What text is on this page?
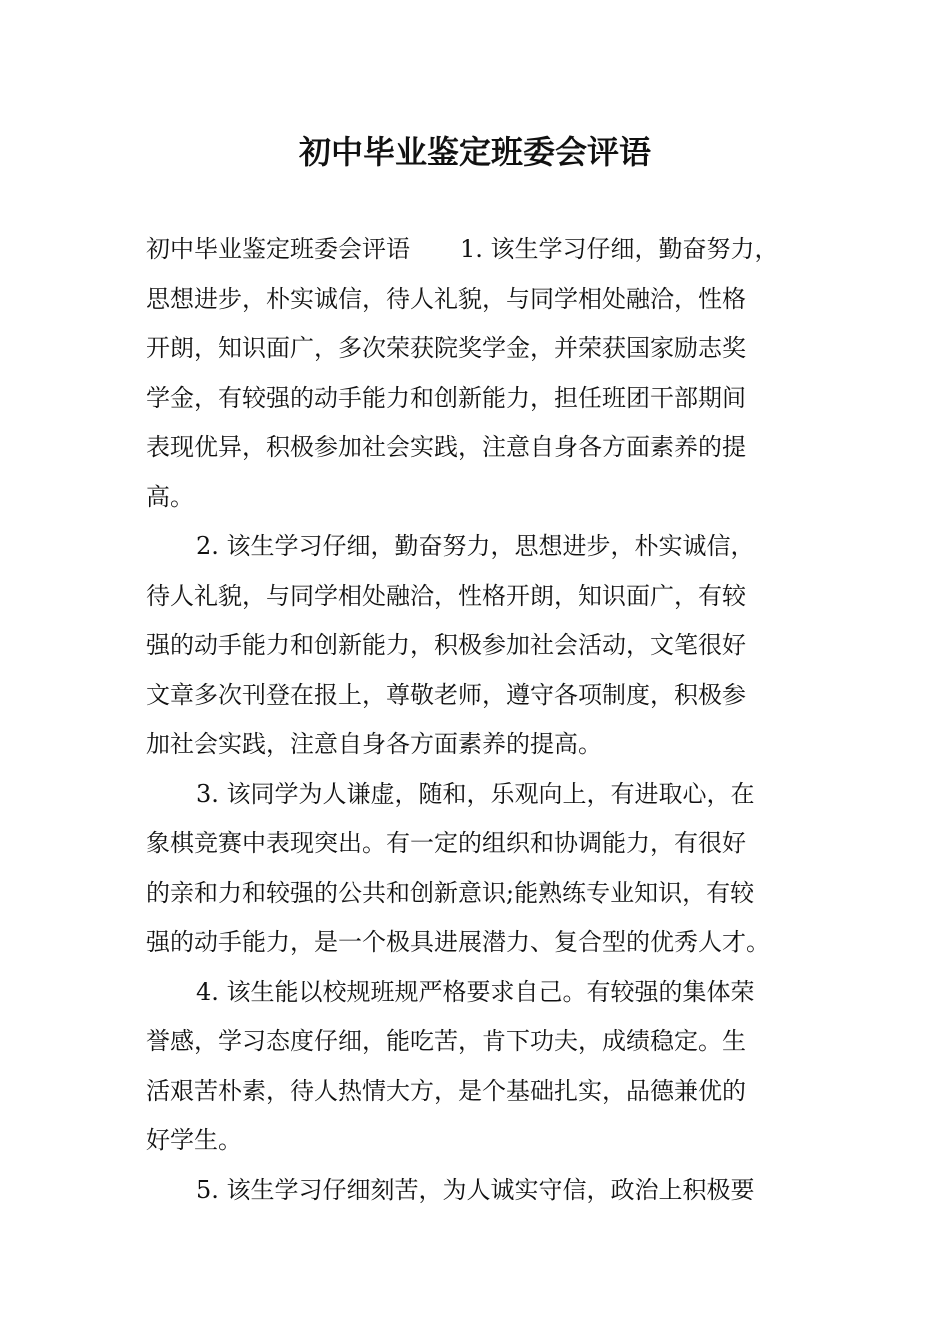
初中毕业鉴定班委会评语
初中毕业鉴定班委会评语 1. 该生学习仔细，勤奋努力，
思想进步，朴实诚信，待人礼貌，与同学相处融洽，性格
开朗，知识面广，多次荣获院奖学金，并荣获国家励志奖
学金，有较强的动手能力和创新能力，担任班团干部期间
表现优异，积极参加社会实践，注意自身各方面素养的提
高。
2. 该生学习仔细，勤奋努力，思想进步，朴实诚信，
待人礼貌，与同学相处融洽，性格开朗，知识面广，有较
强的动手能力和创新能力，积极参加社会活动，文笔很好
文章多次刊登在报上，尊敬老师，遵守各项制度，积极参
加社会实践，注意自身各方面素养的提高。
3. 该同学为人谦虚，随和，乐观向上，有进取心，在
象棋竞赛中表现突出。有一定的组织和协调能力，有很好
的亲和力和较强的公共和创新意识;能熟练专业知识，有较
强的动手能力，是一个极具进展潜力、复合型的优秀人才。
4. 该生能以校规班规严格要求自己。有较强的集体荣
誉感，学习态度仔细，能吃苦，肯下功夫，成绩稳定。生
活艰苦朴素，待人热情大方，是个基础扎实，品德兼优的
好学生。
5. 该生学习仔细刻苦，为人诚实守信，政治上积极要
